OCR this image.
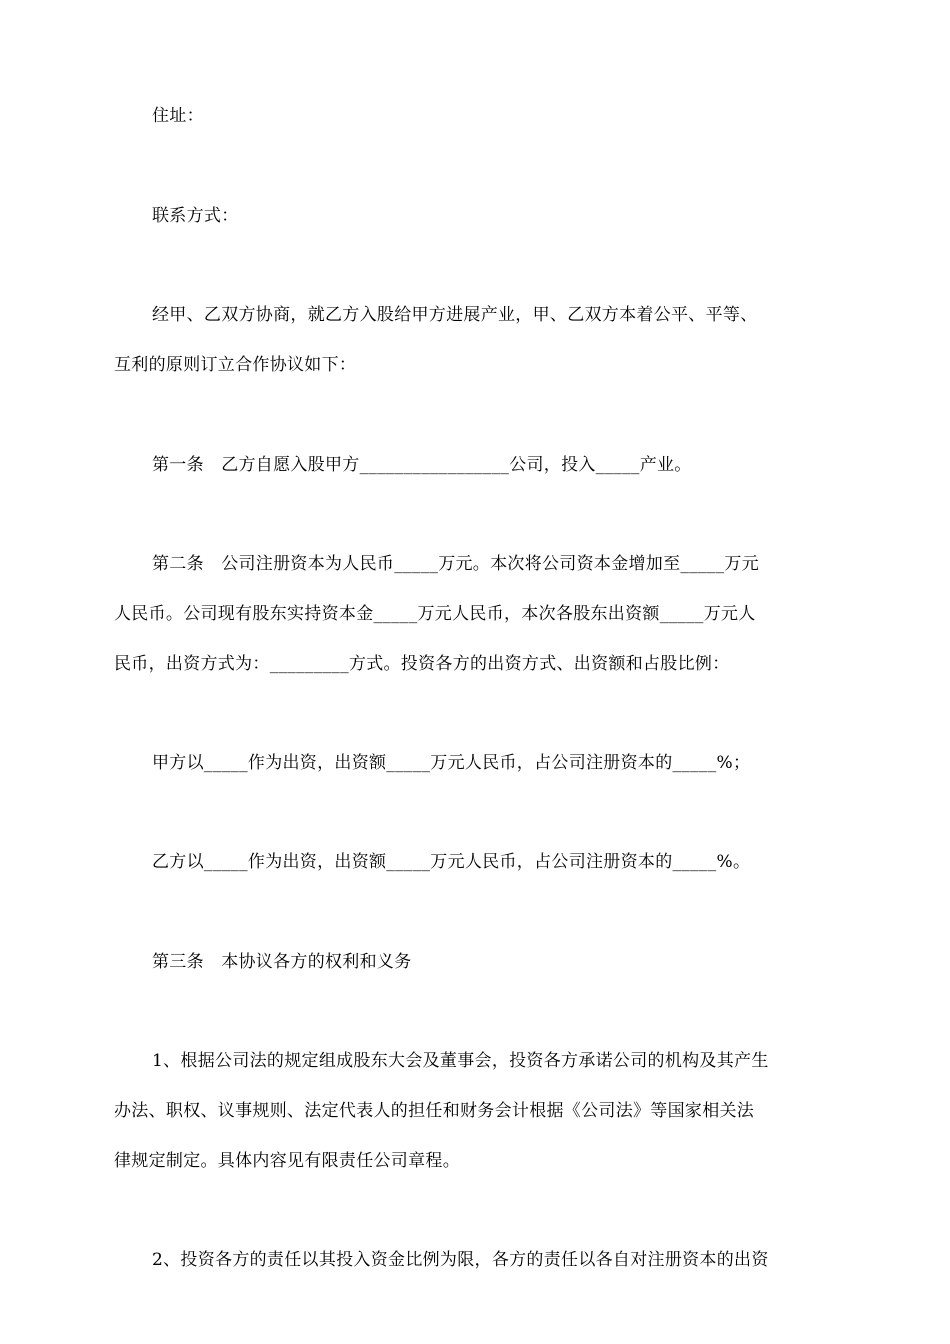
住址：
联系方式：
经甲、乙双方协商，就乙方入股给甲方进展产业，甲、乙双方本着公平、平等、
互利的原则订立合作协议如下：
第一条　乙方自愿入股甲方_________________公司，投入_____产业。
第二条　公司注册资本为人民币_____万元。本次将公司资本金增加至_____万元
人民币。公司现有股东实持资本金_____万元人民币，本次各股东出资额_____万元人
民币，出资方式为：_________方式。投资各方的出资方式、出资额和占股比例：
甲方以_____作为出资，出资额_____万元人民币，占公司注册资本的_____%；
乙方以_____作为出资，出资额_____万元人民币，占公司注册资本的_____%。
第三条　本协议各方的权利和义务
1、根据公司法的规定组成股东大会及董事会，投资各方承诺公司的机构及其产生
办法、职权、议事规则、法定代表人的担任和财务会计根据《公司法》等国家相关法
律规定制定。具体内容见有限责任公司章程。
2、投资各方的责任以其投入资金比例为限，各方的责任以各自对注册资本的出资
